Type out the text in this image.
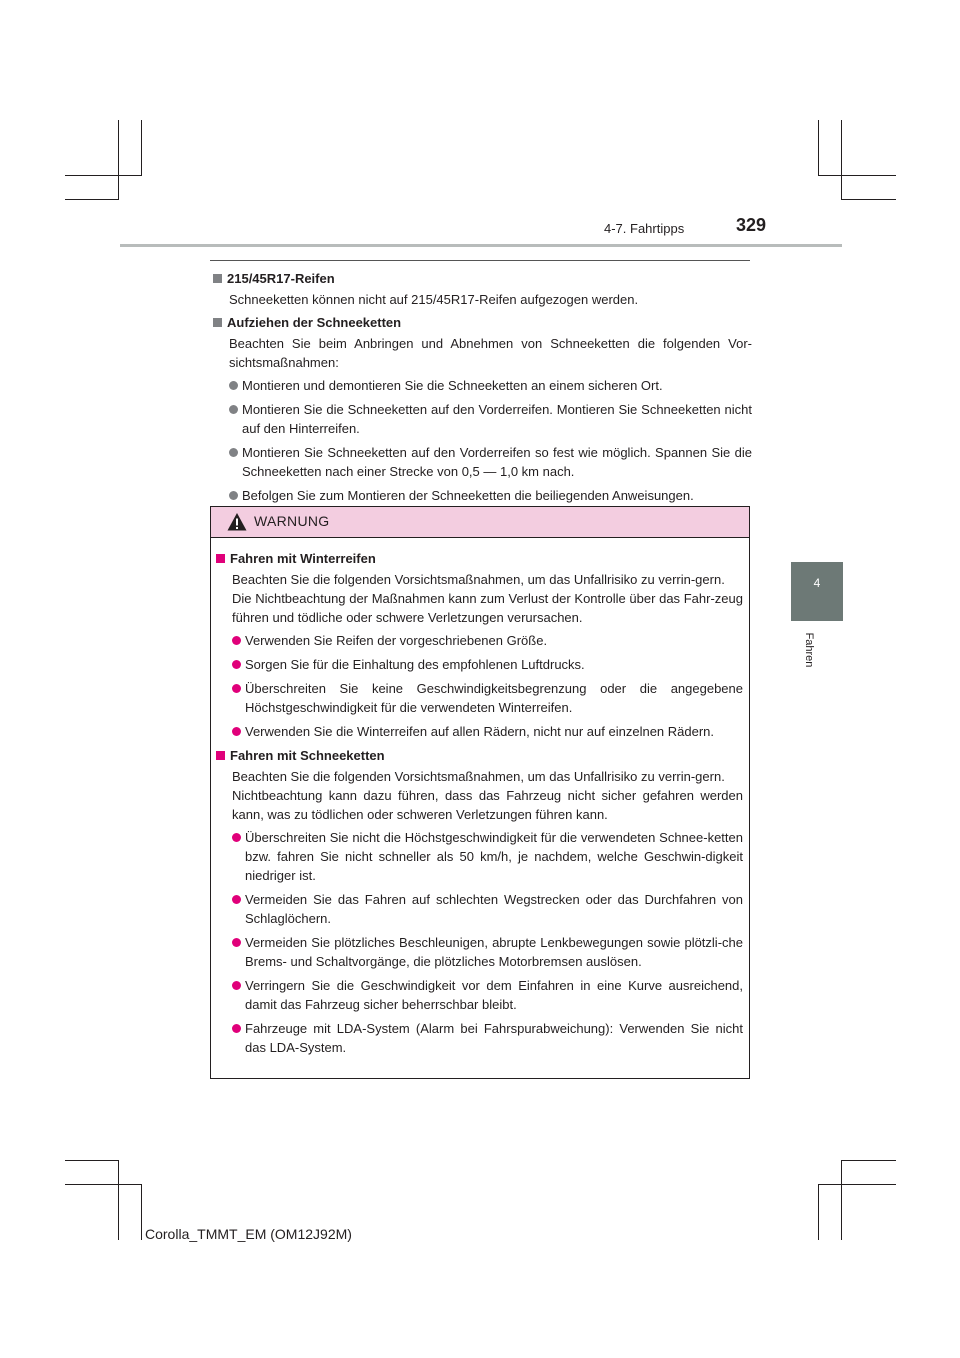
4-7. Fahrtipps	329
4
Fahren
215/45R17-Reifen
Schneeketten können nicht auf 215/45R17-Reifen aufgezogen werden.
Aufziehen der Schneeketten
Beachten Sie beim Anbringen und Abnehmen von Schneeketten die folgenden Vor-sichtsmaßnahmen:
Montieren und demontieren Sie die Schneeketten an einem sicheren Ort.
Montieren Sie die Schneeketten auf den Vorderreifen. Montieren Sie Schneeketten nicht auf den Hinterreifen.
Montieren Sie Schneeketten auf den Vorderreifen so fest wie möglich. Spannen Sie die Schneeketten nach einer Strecke von 0,5 — 1,0 km nach.
Befolgen Sie zum Montieren der Schneeketten die beiliegenden Anweisungen.
WARNUNG
Fahren mit Winterreifen
Beachten Sie die folgenden Vorsichtsmaßnahmen, um das Unfallrisiko zu verrin-gern.
Die Nichtbeachtung der Maßnahmen kann zum Verlust der Kontrolle über das Fahr-zeug führen und tödliche oder schwere Verletzungen verursachen.
Verwenden Sie Reifen der vorgeschriebenen Größe.
Sorgen Sie für die Einhaltung des empfohlenen Luftdrucks.
Überschreiten Sie keine Geschwindigkeitsbegrenzung oder die angegebene Höchstgeschwindigkeit für die verwendeten Winterreifen.
Verwenden Sie die Winterreifen auf allen Rädern, nicht nur auf einzelnen Rädern.
Fahren mit Schneeketten
Beachten Sie die folgenden Vorsichtsmaßnahmen, um das Unfallrisiko zu verrin-gern.
Nichtbeachtung kann dazu führen, dass das Fahrzeug nicht sicher gefahren werden kann, was zu tödlichen oder schweren Verletzungen führen kann.
Überschreiten Sie nicht die Höchstgeschwindigkeit für die verwendeten Schnee-ketten bzw. fahren Sie nicht schneller als 50 km/h, je nachdem, welche Geschwin-digkeit niedriger ist.
Vermeiden Sie das Fahren auf schlechten Wegstrecken oder das Durchfahren von Schlaglöchern.
Vermeiden Sie plötzliches Beschleunigen, abrupte Lenkbewegungen sowie plötzli-che Brems- und Schaltvorgänge, die plötzliches Motorbremsen auslösen.
Verringern Sie die Geschwindigkeit vor dem Einfahren in eine Kurve ausreichend, damit das Fahrzeug sicher beherrschbar bleibt.
Fahrzeuge mit LDA-System (Alarm bei Fahrspurabweichung): Verwenden Sie nicht das LDA-System.
Corolla_TMMT_EM (OM12J92M)
